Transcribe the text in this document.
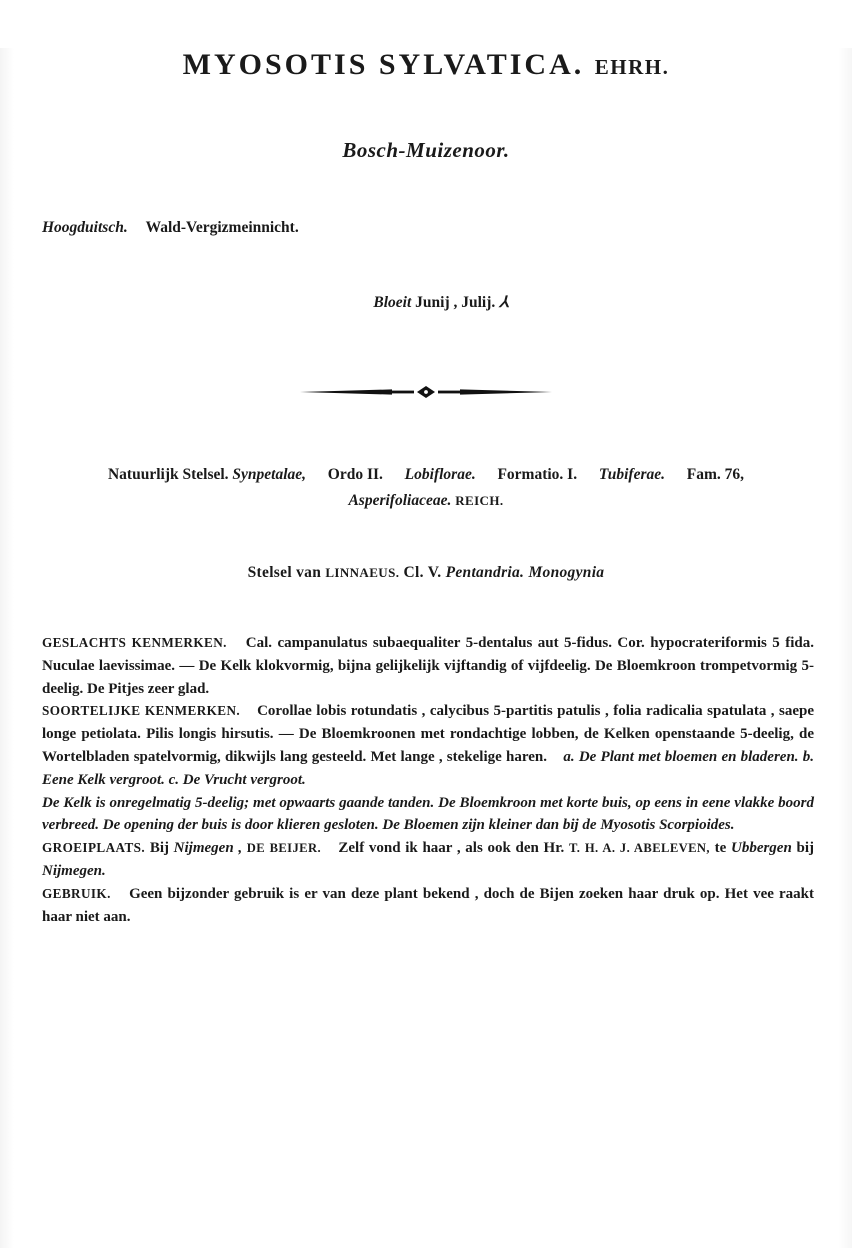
MYOSOTIS SYLVATICA. EHRH.
Bosch-Muizenoor.
Hoogduitsch. Wald-Vergizmeinnicht.
Bloeit Junij , Julij. ⅄
Natuurlijk Stelsel. Synpetalae, Ordo II. Lobiflorae. Formatio. I. Tubiferae. Fam. 76,
Asperifoliaceae. REICH.
Stelsel van LINNAEUS. Cl. V. Pentandria. Monogynia

GESLACHTS KENMERKEN. Cal. campanulatus subaequaliter 5-dentalus aut 5-fidus. Cor. hypocrateriformis 5 fida. Nuculae laevissimae. — De Kelk klokvormig, bijna gelijkelijk vijftandig of vijfdeelig. De Bloemkroon trompetvormig 5-deelig. De Pitjes zeer glad.

SOORTELIJKE KENMERKEN. Corollae lobis rotundatis , calycibus 5-partitis patulis , folia radicalia spatulata , saepe longe petiolata. Pilis longis hirsutis. — De Bloemkroonen met rondachtige lobben, de Kelken openstaande 5-deelig, de Wortelbladen spatelvormig, dikwijls lang gesteeld. Met lange , stekelige haren. a. De Plant met bloemen en bladeren. b. Eene Kelk vergroot. c. De Vrucht vergroot.

De Kelk is onregelmatig 5-deelig; met opwaarts gaande tanden. De Bloemkroon met korte buis, op eens in eene vlakke boord verbreed. De opening der buis is door klieren gesloten. De Bloemen zijn kleiner dan bij de Myosotis Scorpioides.

GROEIPLAATS. Bij Nijmegen , DE BEIJER. Zelf vond ik haar , als ook den Hr. T. H. A. J. ABELEVEN, te Ubbergen bij Nijmegen.

GEBRUIK. Geen bijzonder gebruik is er van deze plant bekend , doch de Bijen zoeken haar druk op. Het vee raakt haar niet aan.
